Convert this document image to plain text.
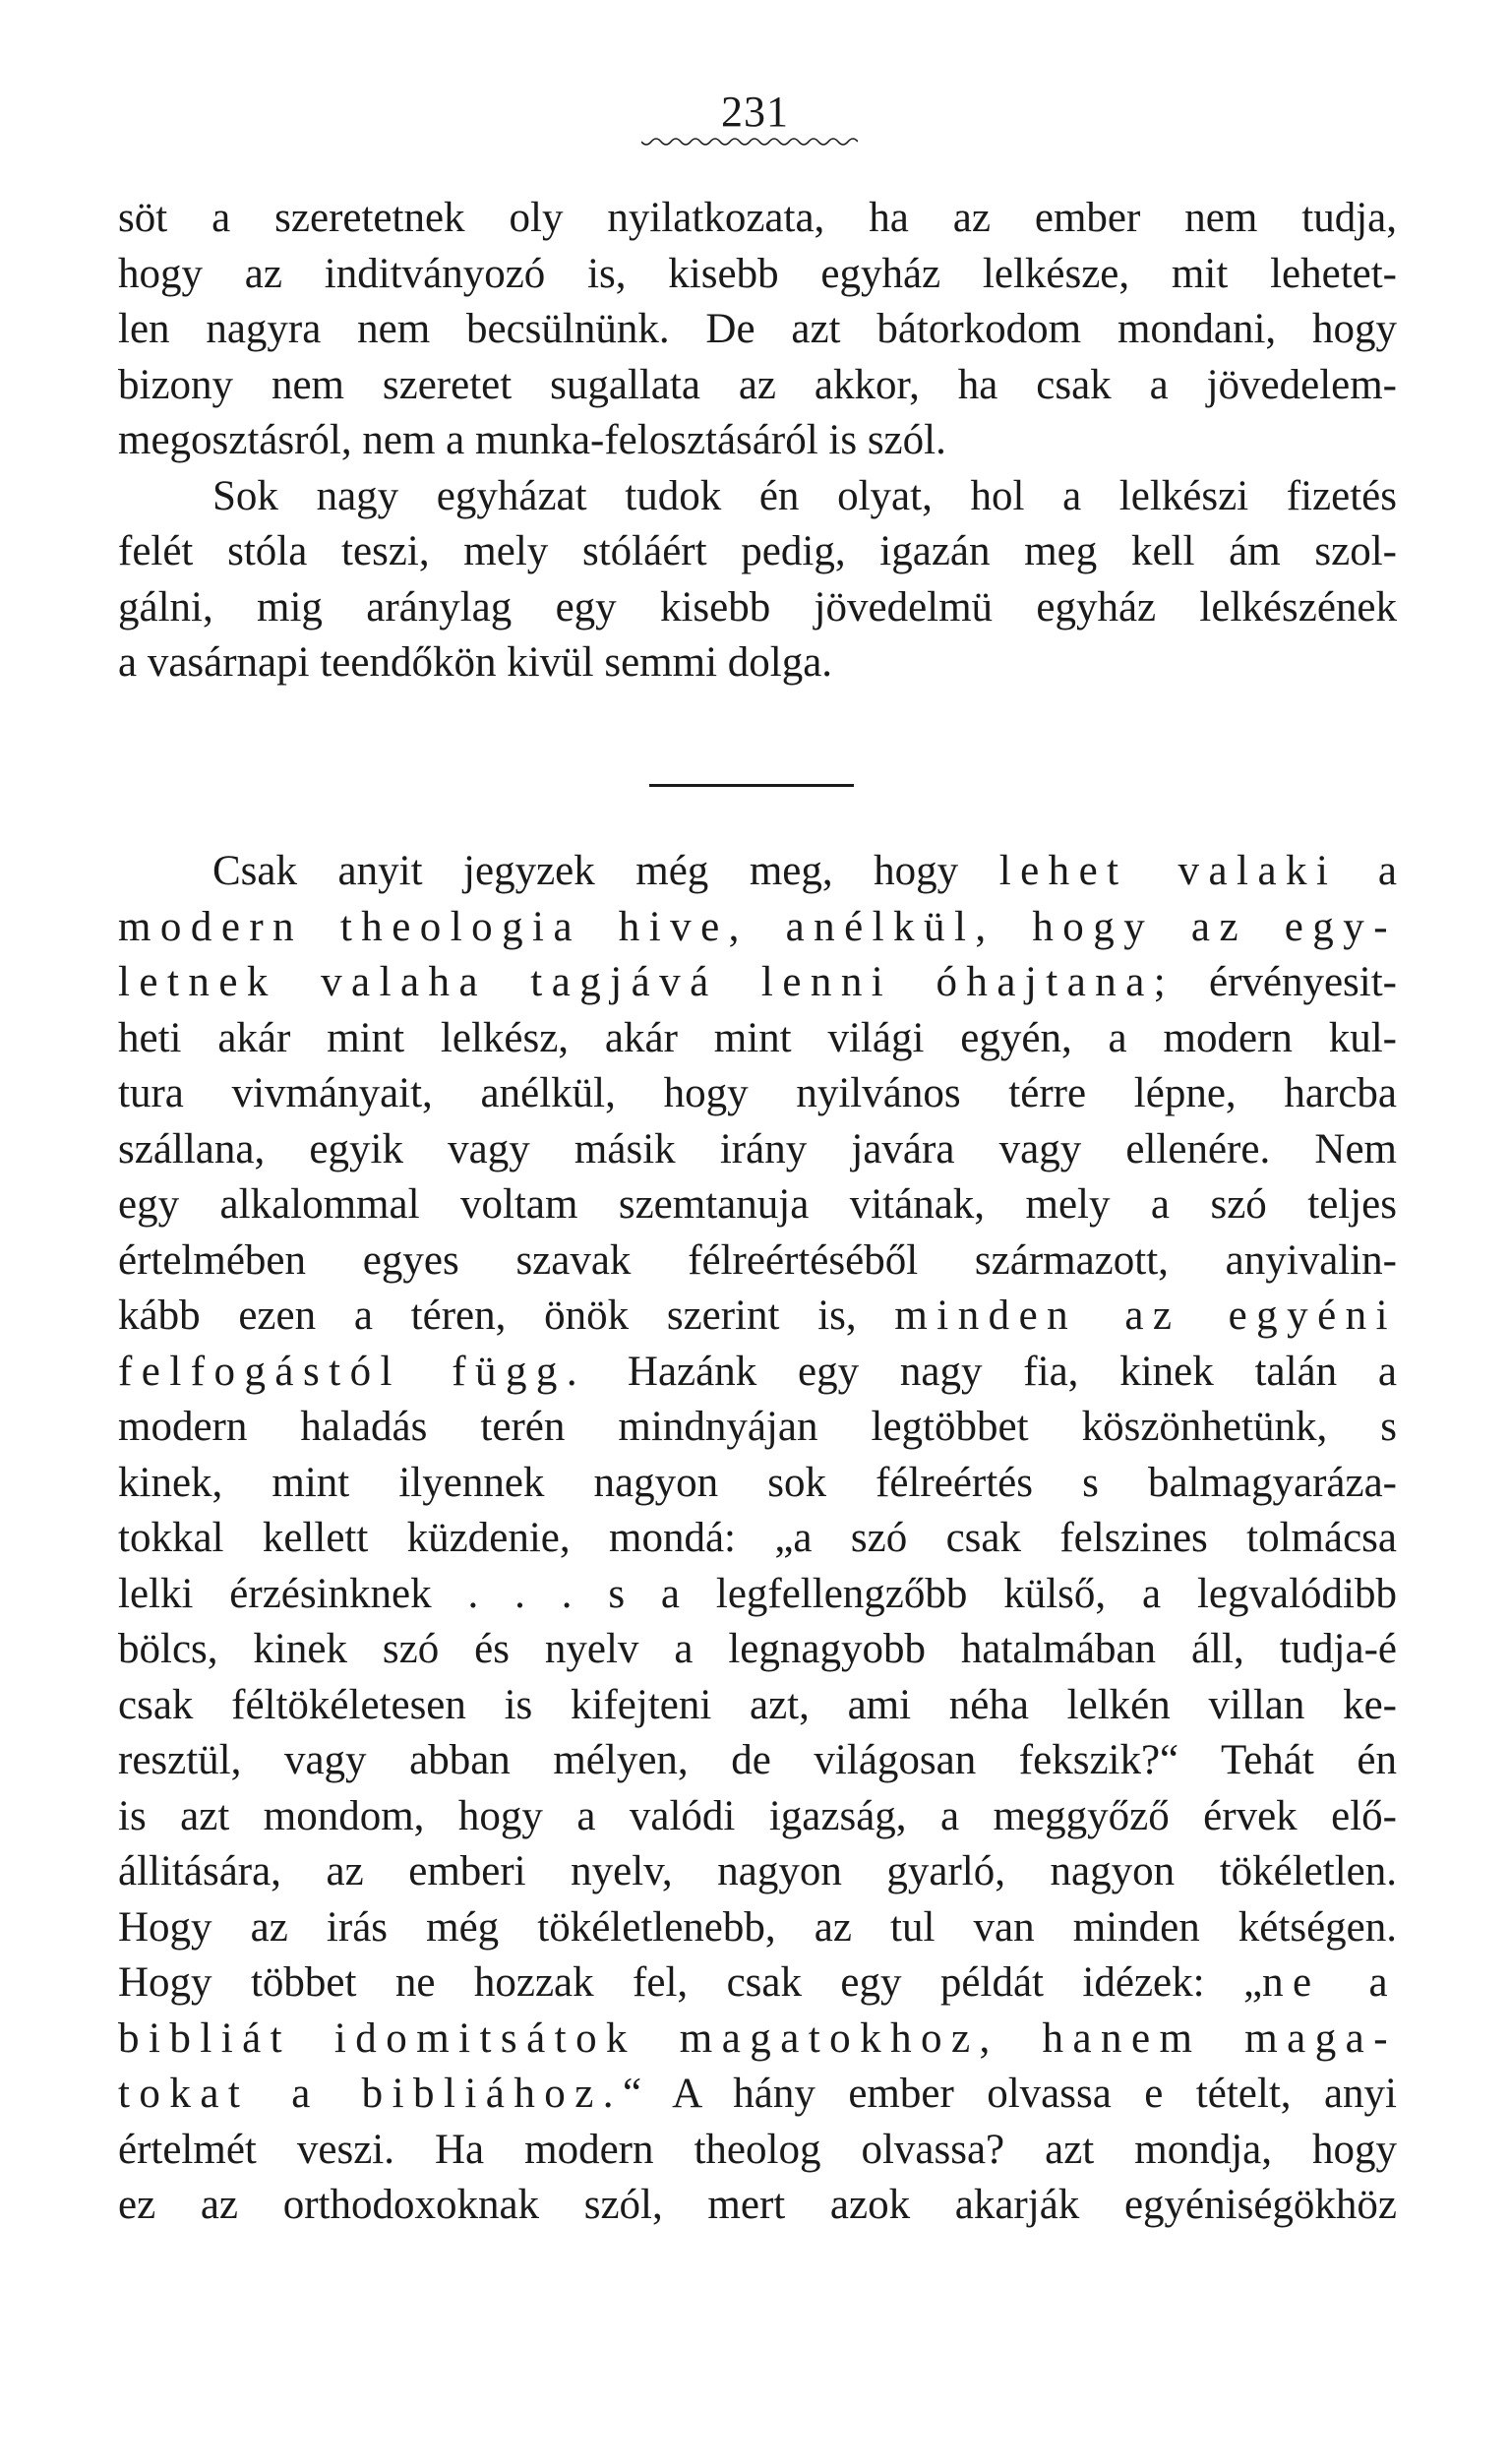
231
söt a szeretetnek oly nyilatkozata, ha az ember nem tudja,
hogy az inditványozó is, kisebb egyház lelkésze, mit lehetet-
len nagyra nem becsülnünk. De azt bátorkodom mondani, hogy
bizony nem szeretet sugallata az akkor, ha csak a jövedelem-
megosztásról, nem a munka-felosztásáról is szól.
Sok nagy egyházat tudok én olyat, hol a lelkészi fizetés
felét stóla teszi, mely stóláért pedig, igazán meg kell ám szol-
gálni, mig aránylag egy kisebb jövedelmü egyház lelkészének
a vasárnapi teendőkön kivül semmi dolga.
Csak anyit jegyzek még meg, hogy lehet valaki a
modern theologia hive, anélkül, hogy az egy-
letnek valaha tagjává lenni óhajtana; érvényesit-
heti akár mint lelkész, akár mint világi egyén, a modern kul-
tura vivmányait, anélkül, hogy nyilvános térre lépne, harcba
szállana, egyik vagy másik irány javára vagy ellenére. Nem
egy alkalommal voltam szemtanuja vitának, mely a szó teljes
értelmében egyes szavak félreértéséből származott, anyivalin-
kább ezen a téren, önök szerint is, minden az egyéni
felfogástól függ. Hazánk egy nagy fia, kinek talán a
modern haladás terén mindnyájan legtöbbet köszönhetünk, s
kinek, mint ilyennek nagyon sok félreértés s balmagyaráza-
tokkal kellett küzdenie, mondá: „a szó csak felszines tolmácsa
lelki érzésinknek . . . s a legfellengzőbb külső, a legvalódibb
bölcs, kinek szó és nyelv a legnagyobb hatalmában áll, tudja-é
csak féltökéletesen is kifejteni azt, ami néha lelkén villan ke-
resztül, vagy abban mélyen, de világosan fekszik?“ Tehát én
is azt mondom, hogy a valódi igazság, a meggyőző érvek elő-
állitására, az emberi nyelv, nagyon gyarló, nagyon tökéletlen.
Hogy az irás még tökéletlenebb, az tul van minden kétségen.
Hogy többet ne hozzak fel, csak egy példát idézek: „ne a
bibliát idomitsátok magatokhoz, hanem maga-
tokat a bibliához.“ A hány ember olvassa e tételt, anyi
értelmét veszi. Ha modern theolog olvassa? azt mondja, hogy
ez az orthodoxoknak szól, mert azok akarják egyéniségökhöz
